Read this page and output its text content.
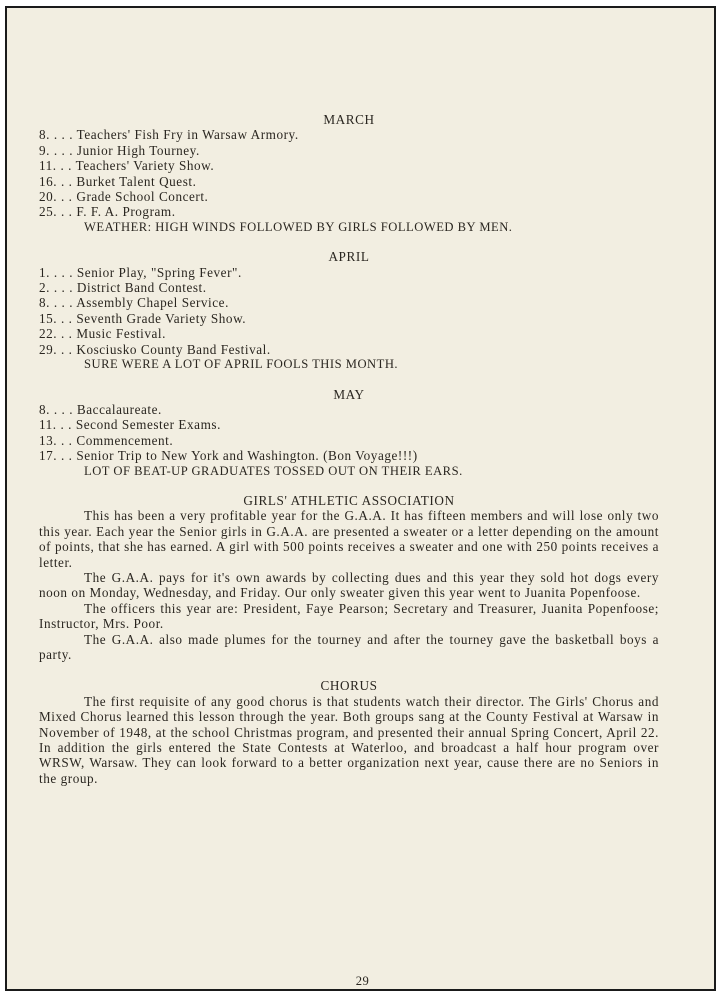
MARCH

8. . . . Teachers' Fish Fry in Warsaw Armory.

9. . . . Junior High Tourney.

11. . . Teachers' Variety Show.

16. . . Burket Talent Quest.

20. . . Grade School Concert.

25. . . F. F. A. Program.

WEATHER: HIGH WINDS FOLLOWED BY GIRLS FOLLOWED BY MEN.

APRIL

1. . . . Senior Play, "Spring Fever".

2. . . . District Band Contest.

8. . . . Assembly Chapel Service.

15. . . Seventh Grade Variety Show.

22. . . Music Festival.

29. . . Kosciusko County Band Festival.

SURE WERE A LOT OF APRIL FOOLS THIS MONTH.

MAY

8. . . . Baccalaureate.

11. . . Second Semester Exams.

13. . . Commencement.

17. . . Senior Trip to New York and Washington. (Bon Voyage!!!)

LOT OF BEAT-UP GRADUATES TOSSED OUT ON THEIR EARS.

GIRLS' ATHLETIC ASSOCIATION

This has been a very profitable year for the G.A.A. It has fifteen members and will lose only two this year. Each year the Senior girls in G.A.A. are presented a sweater or a letter depending on the amount of points, that she has earned. A girl with 500 points receives a sweater and one with 250 points receives a letter.

The G.A.A. pays for it's own awards by collecting dues and this year they sold hot dogs every noon on Monday, Wednesday, and Friday. Our only sweater given this year went to Juanita Popenfoose.

The officers this year are: President, Faye Pearson; Secretary and Treasurer, Juanita Popenfoose; Instructor, Mrs. Poor.

The G.A.A. also made plumes for the tourney and after the tourney gave the basketball boys a party.

CHORUS

The first requisite of any good chorus is that students watch their director. The Girls' Chorus and Mixed Chorus learned this lesson through the year. Both groups sang at the County Festival at Warsaw in November of 1948, at the school Christmas program, and presented their annual Spring Concert, April 22. In addition the girls entered the State Contests at Waterloo, and broadcast a half hour program over WRSW, Warsaw. They can look forward to a better organization next year, cause there are no Seniors in the group.

29
